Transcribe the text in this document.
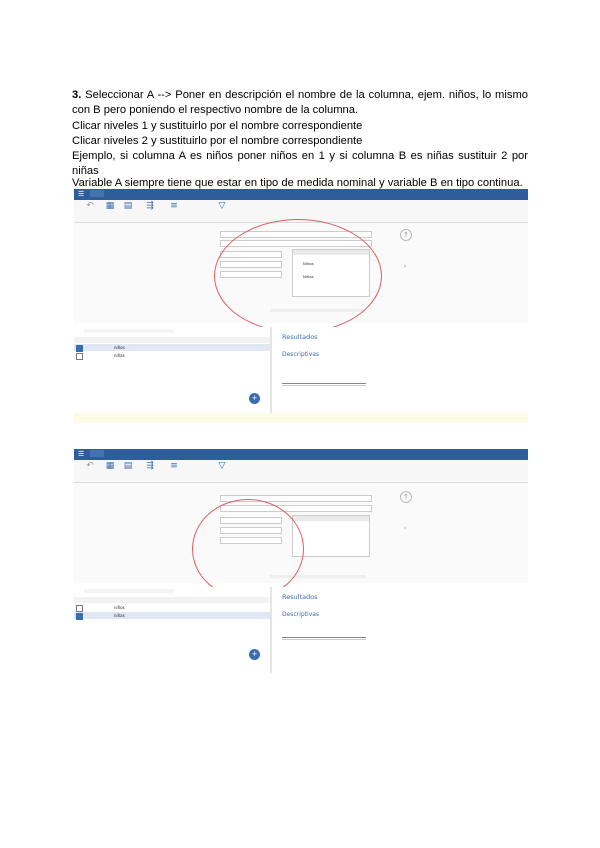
3. Seleccionar A --> Poner en descripción el nombre de la columna, ejem. niños, lo mismo con B pero poniendo el respectivo nombre de la columna.

Clicar niveles 1 y sustituirlo por el nombre correspondiente
Clicar niveles 2 y sustituirlo por el nombre correspondiente
Ejemplo, si columna A es niños poner niños en 1 y si columna B es niñas sustituir 2 por niñas
Variable A siempre tiene que estar en tipo de medida nominal y variable B en tipo continua.
☰

↶ ▦ ▤ ⇶ ≡	▽
Niños
Niñas
↑
›
niños
niñas
+
Resultados
Descriptivas
☰

↶ ▦ ▤ ⇶ ≡	▽
↑
›
niños
niñas
+
Resultados
Descriptivas
